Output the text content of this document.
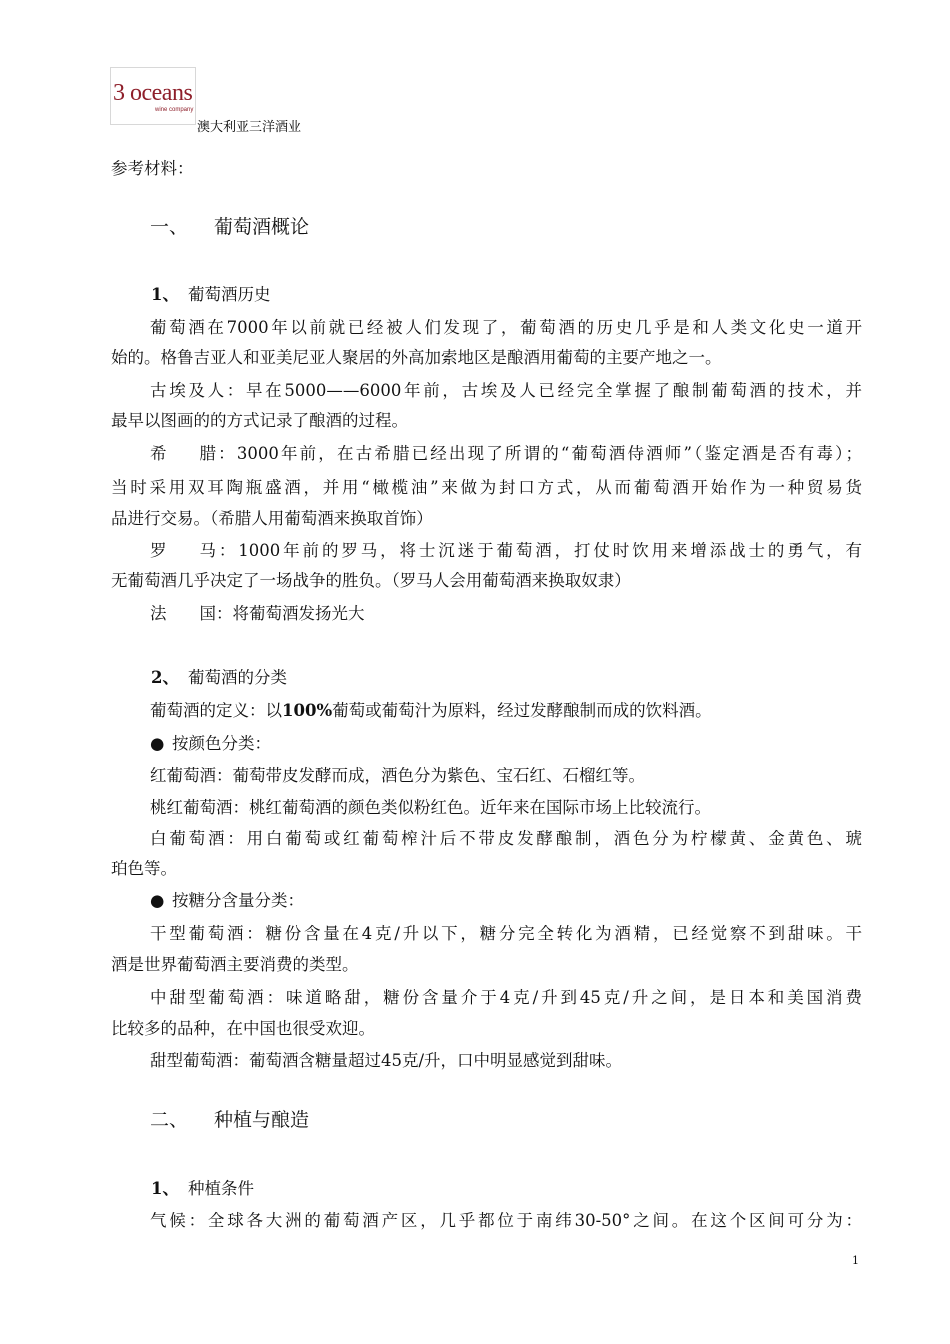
3 oceans
wine company
澳大利亚三洋酒业
参考材料：
一、 葡萄酒概论
1、 葡萄酒历史
葡萄酒在7000年以前就已经被人们发现了，葡萄酒的历史几乎是和人类文化史一道开
始的。格鲁吉亚人和亚美尼亚人聚居的外高加索地区是酿酒用葡萄的主要产地之一。
古埃及人：早在5000——6000年前，古埃及人已经完全掌握了酿制葡萄酒的技术，并
最早以图画的的方式记录了酿酒的过程。
希　　腊：3000年前，在古希腊已经出现了所谓的“葡萄酒侍酒师”（鉴定酒是否有毒）；
当时采用双耳陶瓶盛酒，并用“橄榄油”来做为封口方式，从而葡萄酒开始作为一种贸易货
品进行交易。（希腊人用葡萄酒来换取首饰）
罗　　马：1000年前的罗马，将士沉迷于葡萄酒，打仗时饮用来增添战士的勇气，有
无葡萄酒几乎决定了一场战争的胜负。（罗马人会用葡萄酒来换取奴隶）
法　　国：将葡萄酒发扬光大
2、 葡萄酒的分类
葡萄酒的定义：以100%葡萄或葡萄汁为原料，经过发酵酿制而成的饮料酒。
● 按颜色分类：
红葡萄酒：葡萄带皮发酵而成，酒色分为紫色、宝石红、石榴红等。
桃红葡萄酒：桃红葡萄酒的颜色类似粉红色。近年来在国际市场上比较流行。
白葡萄酒：用白葡萄或红葡萄榨汁后不带皮发酵酿制，酒色分为柠檬黄、金黄色、琥
珀色等。
● 按糖分含量分类：
干型葡萄酒：糖份含量在4克/升以下，糖分完全转化为酒精，已经觉察不到甜味。干
酒是世界葡萄酒主要消费的类型。
中甜型葡萄酒：味道略甜，糖份含量介于4克/升到45克/升之间，是日本和美国消费
比较多的品种，在中国也很受欢迎。
甜型葡萄酒：葡萄酒含糖量超过45克/升，口中明显感觉到甜味。
二、 种植与酿造
1、 种植条件
气候：全球各大洲的葡萄酒产区，几乎都位于南纬30-50°之间。在这个区间可分为：
1
